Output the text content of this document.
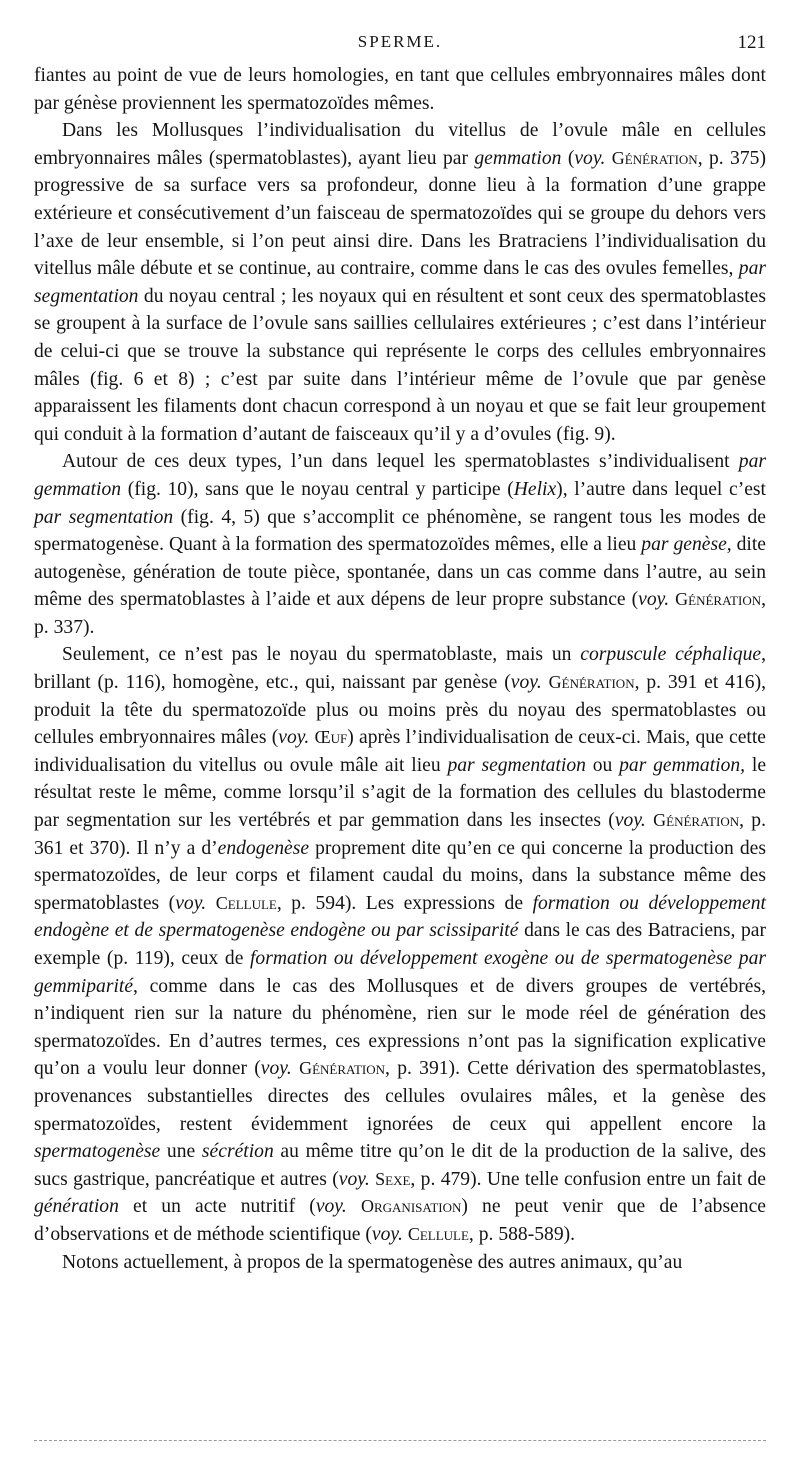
SPERME.	121

fiantes au point de vue de leurs homologies, en tant que cellules embryonnaires mâles dont par génèse proviennent les spermatozoïdes mêmes.

Dans les Mollusques l’individualisation du vitellus de l’ovule mâle en cellules embryonnaires mâles (spermatoblastes), ayant lieu par gemmation (voy. Génération, p. 375) progressive de sa surface vers sa profondeur, donne lieu à la formation d’une grappe extérieure et consécutivement d’un faisceau de spermatozoïdes qui se groupe du dehors vers l’axe de leur ensemble, si l’on peut ainsi dire. Dans les Bratraciens l’individualisation du vitellus mâle débute et se continue, au contraire, comme dans le cas des ovules femelles, par segmentation du noyau central ; les noyaux qui en résultent et sont ceux des spermatoblastes se groupent à la surface de l’ovule sans saillies cellulaires extérieures ; c’est dans l’intérieur de celui-ci que se trouve la substance qui représente le corps des cellules embryonnaires mâles (fig. 6 et 8) ; c’est par suite dans l’intérieur même de l’ovule que par genèse apparaissent les filaments dont chacun correspond à un noyau et que se fait leur groupement qui conduit à la formation d’autant de faisceaux qu’il y a d’ovules (fig. 9).

Autour de ces deux types, l’un dans lequel les spermatoblastes s’individualisent par gemmation (fig. 10), sans que le noyau central y participe (Helix), l’autre dans lequel c’est par segmentation (fig. 4, 5) que s’accomplit ce phénomène, se rangent tous les modes de spermatogenèse. Quant à la formation des spermatozoïdes mêmes, elle a lieu par genèse, dite autogenèse, génération de toute pièce, spontanée, dans un cas comme dans l’autre, au sein même des spermatoblastes à l’aide et aux dépens de leur propre substance (voy. Génération, p. 337).

Seulement, ce n’est pas le noyau du spermatoblaste, mais un corpuscule céphalique, brillant (p. 116), homogène, etc., qui, naissant par genèse (voy. Génération, p. 391 et 416), produit la tête du spermatozoïde plus ou moins près du noyau des spermatoblastes ou cellules embryonnaires mâles (voy. Œuf) après l’individualisation de ceux-ci. Mais, que cette individualisation du vitellus ou ovule mâle ait lieu par segmentation ou par gemmation, le résultat reste le même, comme lorsqu’il s’agit de la formation des cellules du blastoderme par segmentation sur les vertébrés et par gemmation dans les insectes (voy. Génération, p. 361 et 370). Il n’y a d’endogenèse proprement dite qu’en ce qui concerne la production des spermatozoïdes, de leur corps et filament caudal du moins, dans la substance même des spermatoblastes (voy. Cellule, p. 594). Les expressions de formation ou développement endogène et de spermatogenèse endogène ou par scissiparité dans le cas des Batraciens, par exemple (p. 119), ceux de formation ou développement exogène ou de spermatogenèse par gemmiparité, comme dans le cas des Mollusques et de divers groupes de vertébrés, n’indiquent rien sur la nature du phénomène, rien sur le mode réel de génération des spermatozoïdes. En d’autres termes, ces expressions n’ont pas la signification explicative qu’on a voulu leur donner (voy. Génération, p. 391). Cette dérivation des spermatoblastes, provenances substantielles directes des cellules ovulaires mâles, et la genèse des spermatozoïdes, restent évidemment ignorées de ceux qui appellent encore la spermatogenèse une sécrétion au même titre qu’on le dit de la production de la salive, des sucs gastrique, pancréatique et autres (voy. Sexe, p. 479). Une telle confusion entre un fait de génération et un acte nutritif (voy. Organisation) ne peut venir que de l’absence d’observations et de méthode scientifique (voy. Cellule, p. 588-589).

Notons actuellement, à propos de la spermatogenèse des autres animaux, qu’au
